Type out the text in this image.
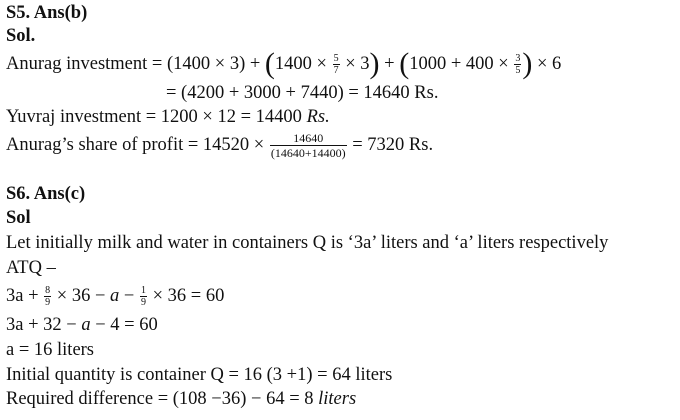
S5. Ans(b)
Sol.
Anurag investment = $(1400 \times 3) + (1400 \times \frac{5}{7} \times 3) + (1000 + 400 \times \frac{3}{5}$ ) × 6
= (4200 + 3000 + 7440) = 14640 Rs.
Yuvraj investment = 1200 × 12 = 14400 Rs.
Anurag’s share of profit = $14520 \times \frac{14640}{(14640+14400)} = 7320$ Rs.
S6. Ans(c)
Sol
Let initially milk and water in containers Q is ‘3a’ liters and ‘a’ liters respectively
ATQ –
$3a + \frac{8}{9} \times 36 - a - \frac{1}{9} \times 36 = 60$
3a + 32 − a − 4 = 60
a = 16 liters
Initial quantity is container Q = 16 (3 +1) = 64 liters
Required difference = (108 −36) − 64 = 8 liters
